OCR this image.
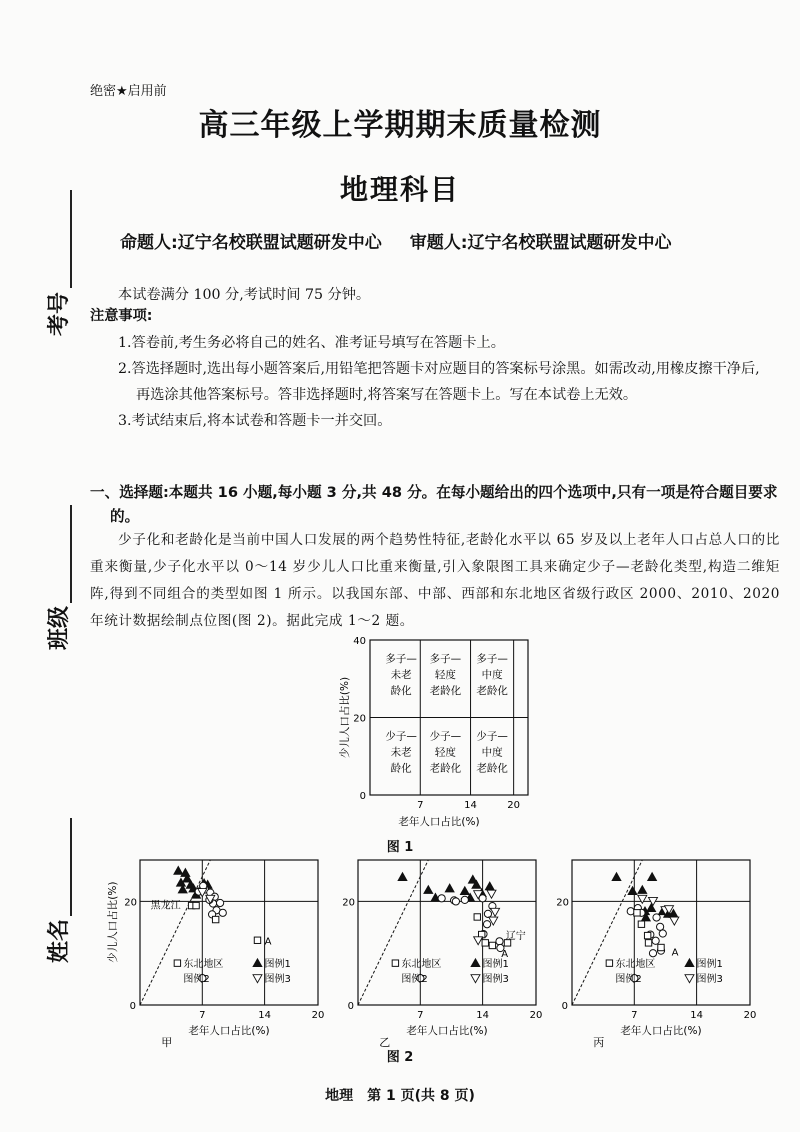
考号
班级
姓名
绝密★启用前
高三年级上学期期末质量检测
地理科目
命题人:辽宁名校联盟试题研发中心 审题人:辽宁名校联盟试题研发中心
本试卷满分 100 分,考试时间 75 分钟。
注意事项:
1.答卷前,考生务必将自己的姓名、准考证号填写在答题卡上。
2.答选择题时,选出每小题答案后,用铅笔把答题卡对应题目的答案标号涂黑。如需改动,用橡皮擦干净后,再选涂其他答案标号。答非选择题时,将答案写在答题卡上。写在本试卷上无效。
3.考试结束后,将本试卷和答题卡一并交回。
一、选择题:本题共 16 小题,每小题 3 分,共 48 分。在每小题给出的四个选项中,只有一项是符合题目要求的。
少子化和老龄化是当前中国人口发展的两个趋势性特征,老龄化水平以 65 岁及以上老年人口占总人口的比重来衡量,少子化水平以 0～14 岁少儿人口比重来衡量,引入象限图工具来确定少子—老龄化类型,构造二维矩阵,得到不同组合的类型如图 1 所示。以我国东部、中部、西部和东北地区省级行政区 2000、2010、2020 年统计数据绘制点位图(图 2)。据此完成 1～2 题。
7	14	20
40
20
0
老年人口占比(%)
少儿人口占比(%)
多子—
未老
龄化
多子—
轻度
老龄化
多子—
中度
老龄化
少子—
未老
龄化
少子—
轻度
老龄化
少子—
中度
老龄化
图 1
7	14	20
0
20
老年人口占比(%)
甲
少儿人口占比(%)	黑龙江
A
东北地区
图例2
图例1
图例3
7	14	20
0
20
老年人口占比(%)
乙
辽宁
A
东北地区
图例2
图例1
图例3
7	14	20
0
20
老年人口占比(%)
丙
A
东北地区
图例2
图例1
图例3
图 2
地理　第 1 页(共 8 页)
